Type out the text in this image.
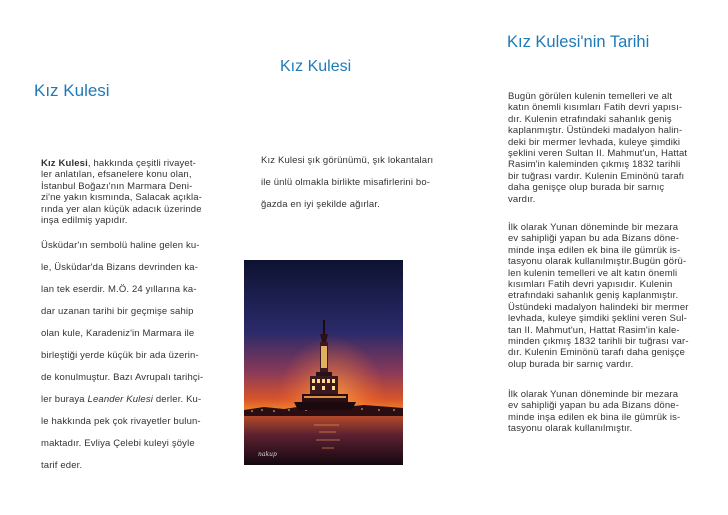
Kız Kulesi
Kız Kulesi, hakkında çeşitli rivayet-
ler anlatılan, efsanelere konu olan,
İstanbul Boğazı'nın Marmara Deni-
zi'ne yakın kısmında, Salacak açıkla-
rında yer alan küçük adacık üzerinde
inşa edilmiş yapıdır.
Üsküdar'ın sembolü haline gelen ku-
le, Üsküdar'da Bizans devrinden ka-
lan tek eserdir. M.Ö. 24 yıllarına ka-
dar uzanan tarihi bir geçmişe sahip
olan kule, Karadeniz'in Marmara ile
birleştiği yerde küçük bir ada üzerin-
de konulmuştur. Bazı Avrupalı tarihçi-
ler buraya Leander Kulesi derler. Ku-
le hakkında pek çok rivayetler bulun-
maktadır. Evliya Çelebi kuleyi şöyle
tarif eder.
Kız Kulesi
Kız Kulesi şık görünümü, şık lokantaları
ile ünlü olmakla birlikte misafirlerini bo-
ğazda en iyi şekilde ağırlar.
nakup
Kız Kulesi'nin Tarihi
Bugün görülen kulenin temelleri ve alt
katın önemli kısımları Fatih devri yapısı-
dır. Kulenin etrafındaki sahanlık geniş
kaplanmıştır. Üstündeki madalyon halin-
deki bir mermer levhada, kuleye şimdiki
şeklini veren Sultan II. Mahmut'un, Hattat
Rasim'in kaleminden çıkmış 1832 tarihli
bir tuğrası vardır. Kulenin Eminönü tarafı
daha genişçe olup burada bir sarnıç
vardır.
İlk olarak Yunan döneminde bir mezara
ev sahipliği yapan bu ada Bizans döne-
minde inşa edilen ek bina ile gümrük is-
tasyonu olarak kullanılmıştır.Bugün görü-
len kulenin temelleri ve alt katın önemli
kısımları Fatih devri yapısıdır. Kulenin
etrafındaki sahanlık geniş kaplanmıştır.
Üstündeki madalyon halindeki bir mermer
levhada, kuleye şimdiki şeklini veren Sul-
tan II. Mahmut'un, Hattat Rasim'in kale-
minden çıkmış 1832 tarihli bir tuğrası var-
dır. Kulenin Eminönü tarafı daha genişçe
olup burada bir sarnıç vardır.
İlk olarak Yunan döneminde bir mezara
ev sahipliği yapan bu ada Bizans döne-
minde inşa edilen ek bina ile gümrük is-
tasyonu olarak kullanılmıştır.
